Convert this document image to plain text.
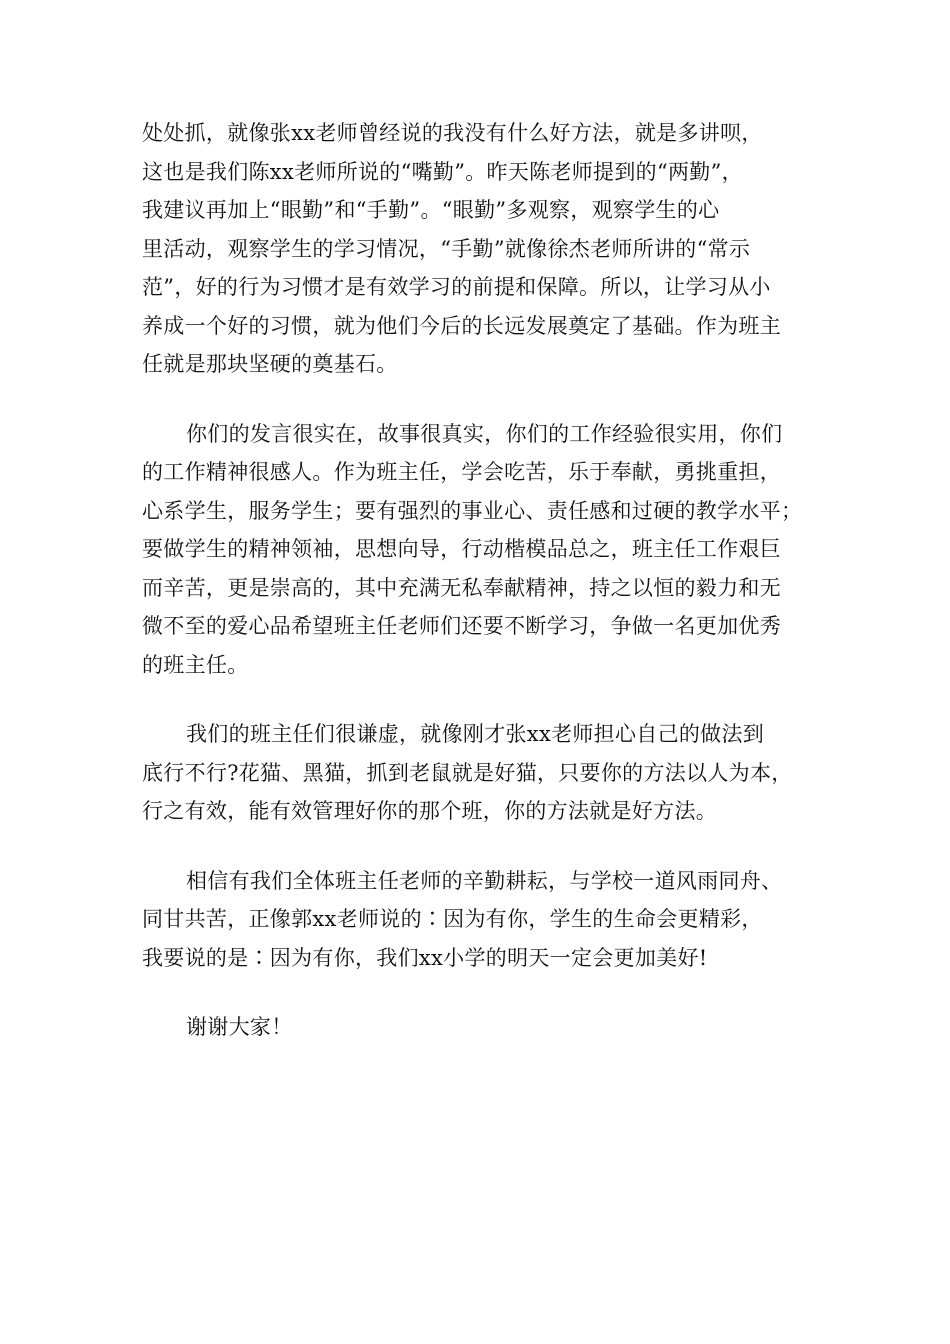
处处抓，就像张xx老师曾经说的我没有什么好方法，就是多讲呗，
这也是我们陈xx老师所说的“嘴勤”。昨天陈老师提到的“两勤”，
我建议再加上“眼勤”和“手勤”。“眼勤”多观察，观察学生的心
里活动，观察学生的学习情况，“手勤”就像徐杰老师所讲的“常示
范”，好的行为习惯才是有效学习的前提和保障。所以，让学习从小
养成一个好的习惯，就为他们今后的长远发展奠定了基础。作为班主
任就是那块坚硬的奠基石。
你们的发言很实在，故事很真实，你们的工作经验很实用，你们
的工作精神很感人。作为班主任，学会吃苦，乐于奉献，勇挑重担，
心系学生，服务学生；要有强烈的事业心、责任感和过硬的教学水平；
要做学生的精神领袖，思想向导，行动楷模品总之，班主任工作艰巨
而辛苦，更是崇高的，其中充满无私奉献精神，持之以恒的毅力和无
微不至的爱心品希望班主任老师们还要不断学习，争做一名更加优秀
的班主任。
我们的班主任们很谦虚，就像刚才张xx老师担心自己的做法到
底行不行?花猫、黑猫，抓到老鼠就是好猫，只要你的方法以人为本，
行之有效，能有效管理好你的那个班，你的方法就是好方法。
相信有我们全体班主任老师的辛勤耕耘，与学校一道风雨同舟、
同甘共苦，正像郭xx老师说的∶因为有你，学生的生命会更精彩，
我要说的是∶因为有你，我们xx小学的明天一定会更加美好!
谢谢大家！
